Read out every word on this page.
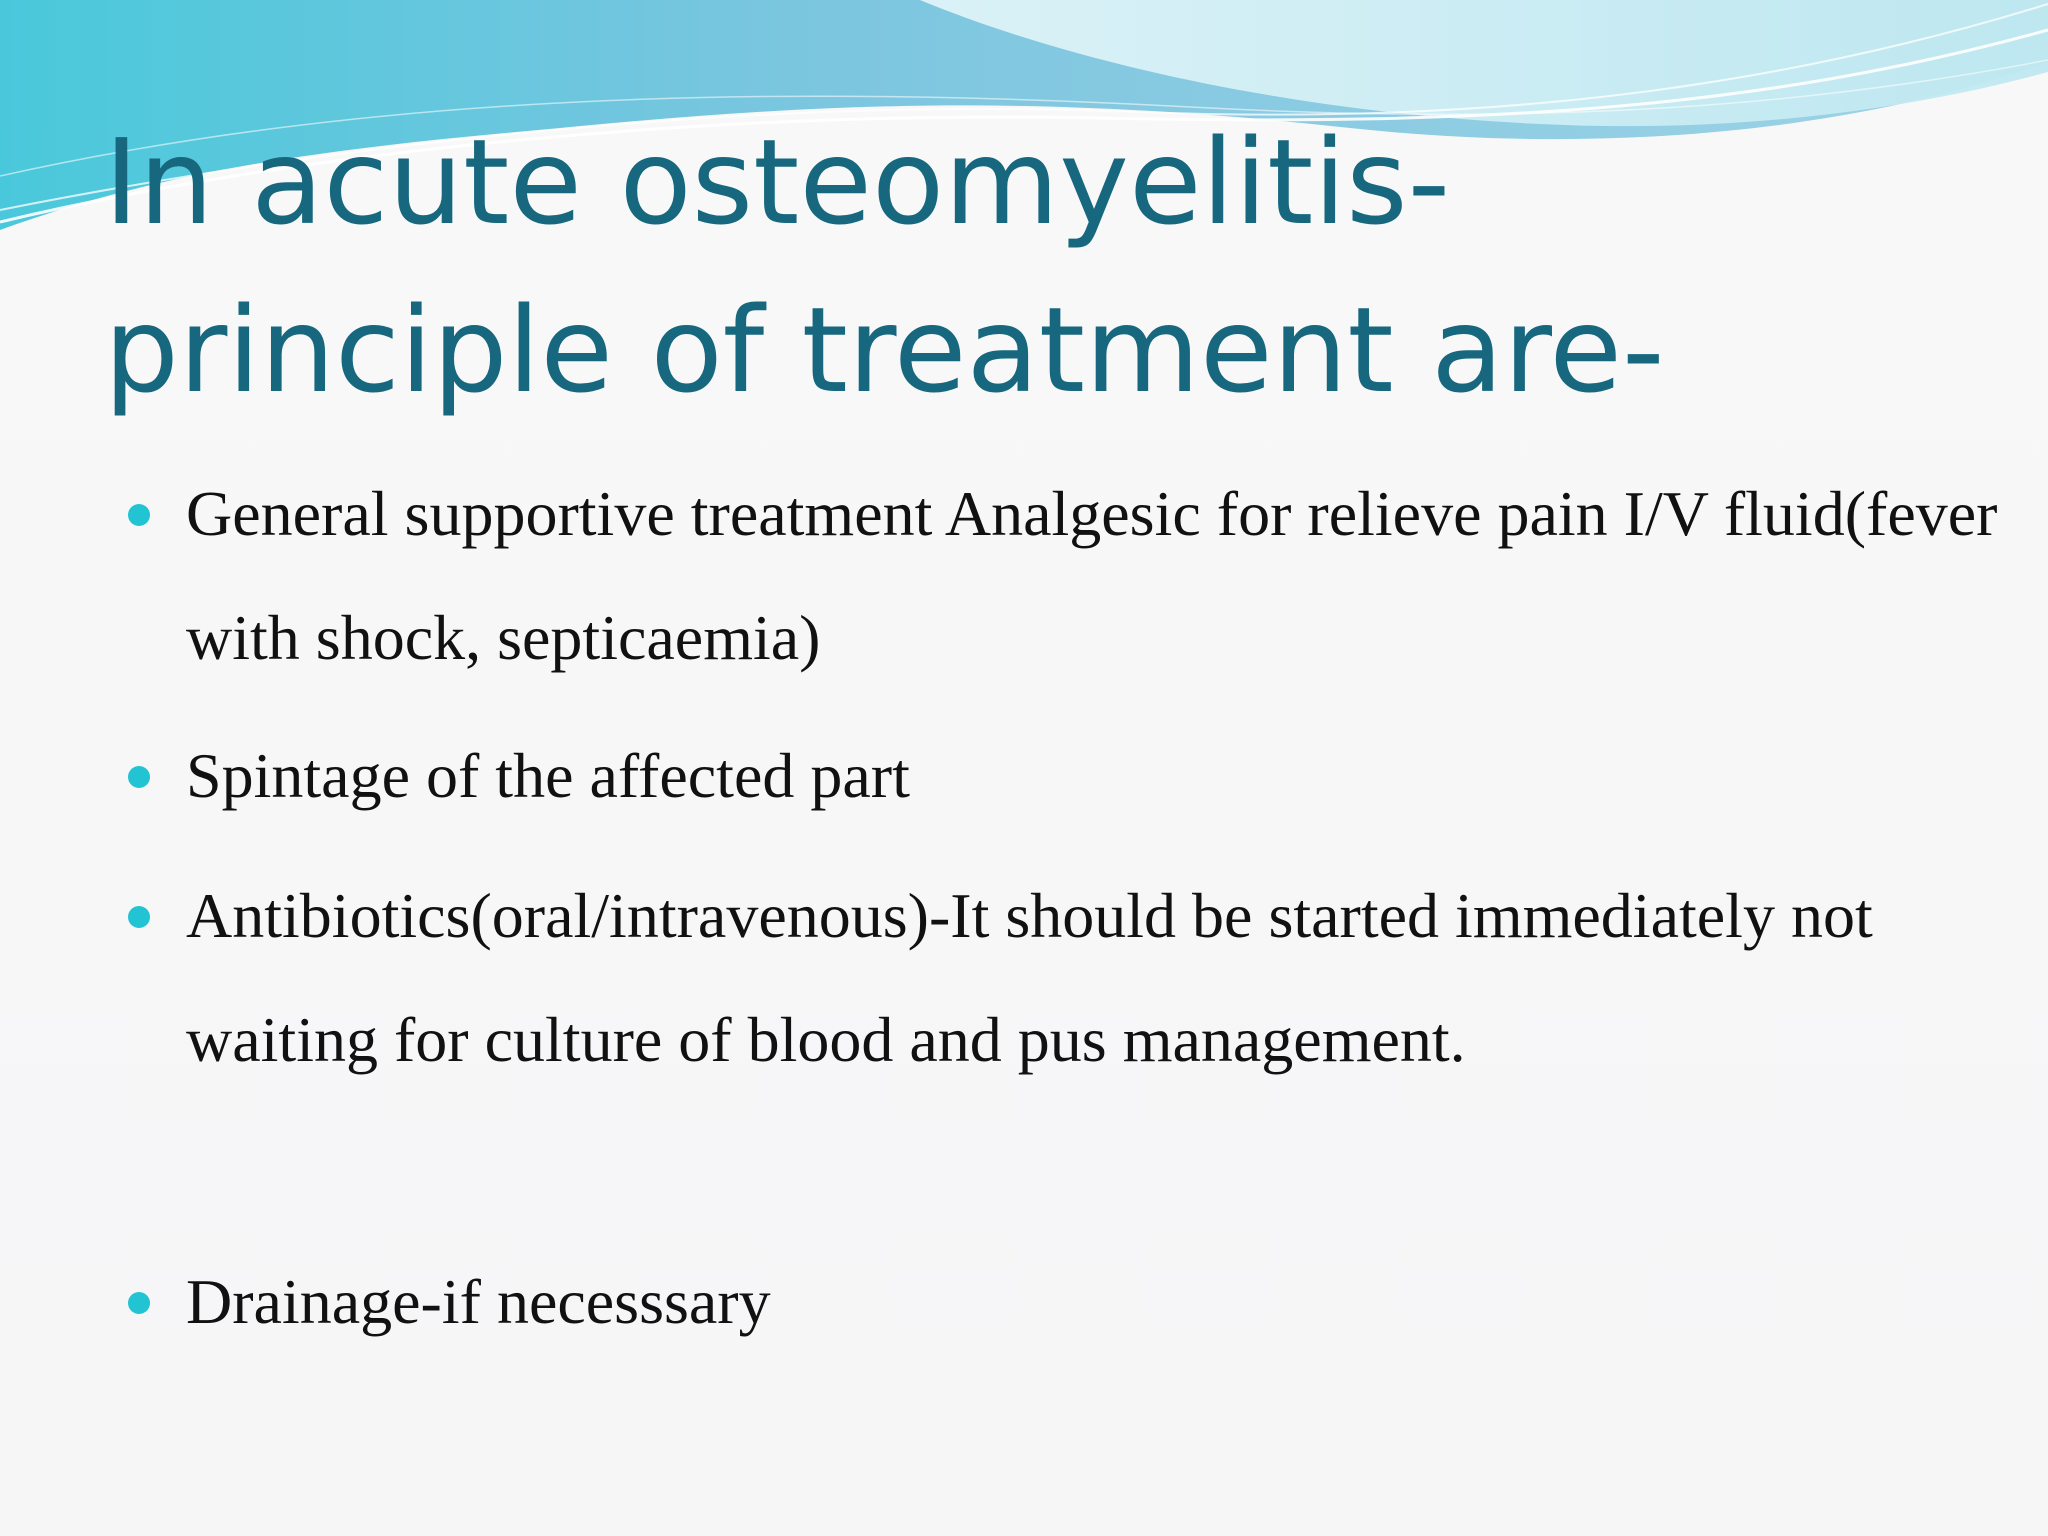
In acute osteomyelitis-
principle of treatment are-
General supportive treatment Analgesic for relieve pain I/V fluid(fever with shock, septicaemia)
Spintage of the affected part
Antibiotics(oral/intravenous)-It should be started immediately not waiting for culture of blood and pus management.
Drainage-if necesssary
